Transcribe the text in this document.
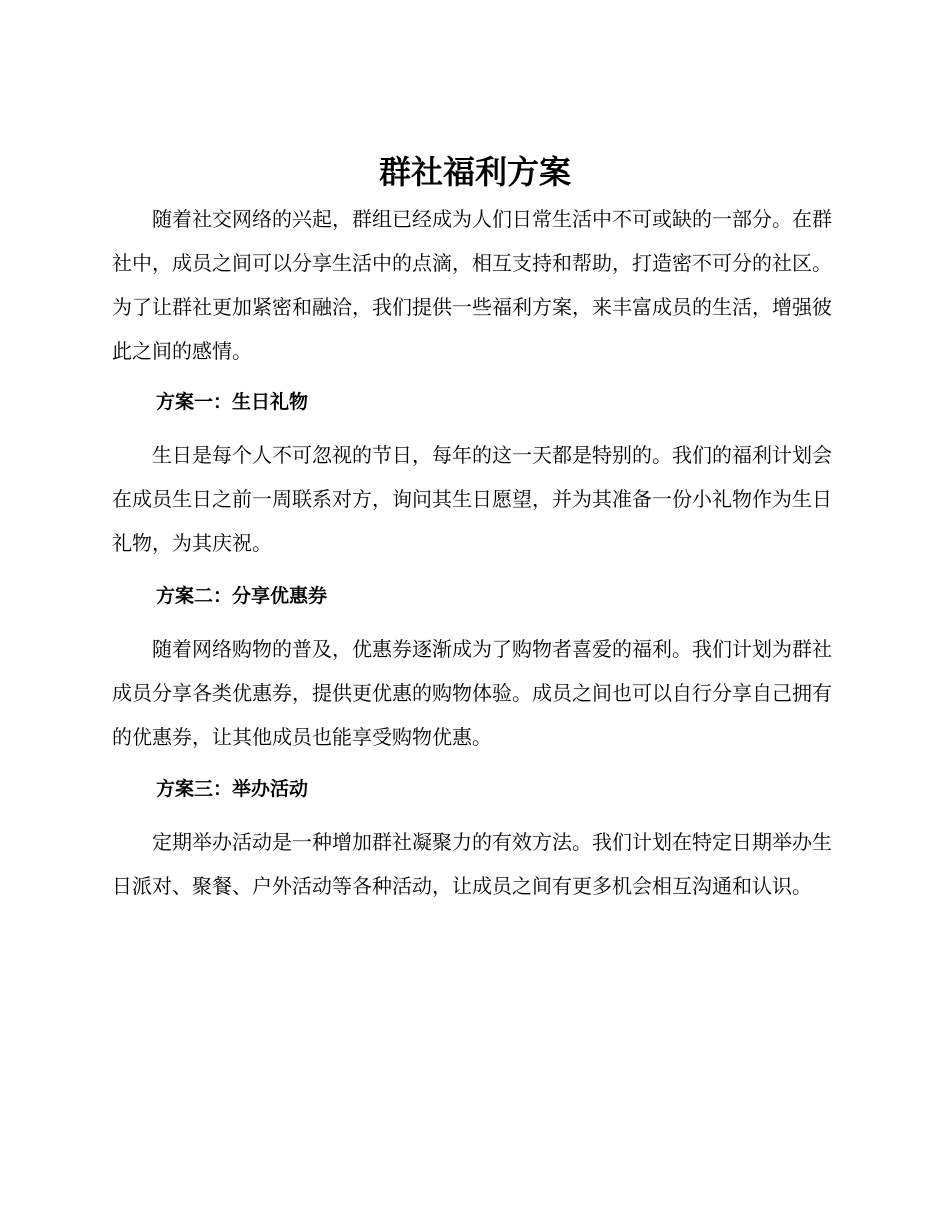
群社福利方案

随着社交网络的兴起，群组已经成为人们日常生活中不可或缺的一部分。在群社中，成员之间可以分享生活中的点滴，相互支持和帮助，打造密不可分的社区。为了让群社更加紧密和融洽，我们提供一些福利方案，来丰富成员的生活，增强彼此之间的感情。

方案一：生日礼物

生日是每个人不可忽视的节日，每年的这一天都是特别的。我们的福利计划会在成员生日之前一周联系对方，询问其生日愿望，并为其准备一份小礼物作为生日礼物，为其庆祝。

方案二：分享优惠券

随着网络购物的普及，优惠券逐渐成为了购物者喜爱的福利。我们计划为群社成员分享各类优惠券，提供更优惠的购物体验。成员之间也可以自行分享自己拥有的优惠券，让其他成员也能享受购物优惠。

方案三：举办活动

定期举办活动是一种增加群社凝聚力的有效方法。我们计划在特定日期举办生日派对、聚餐、户外活动等各种活动，让成员之间有更多机会相互沟通和认识。
